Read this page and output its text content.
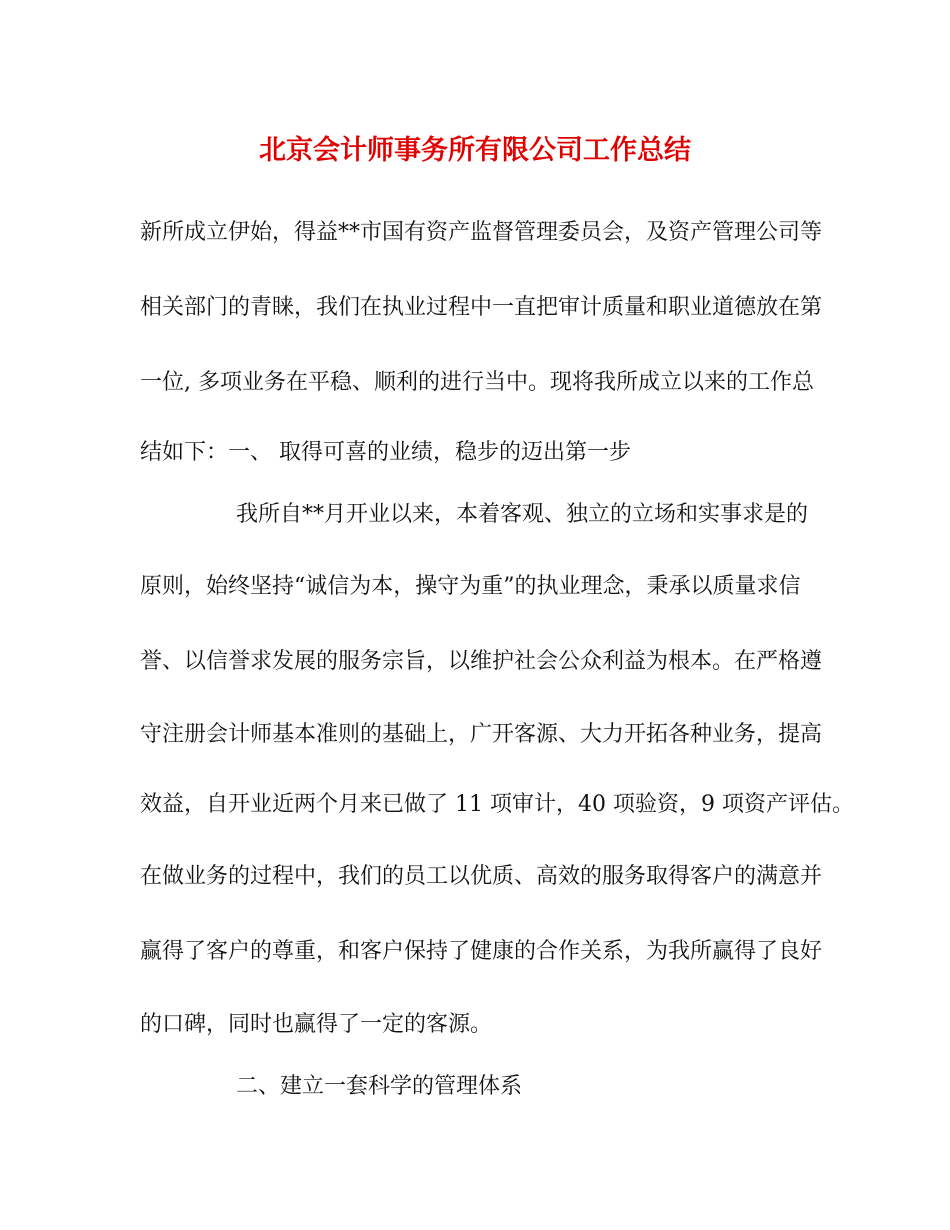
北京会计师事务所有限公司工作总结
新所成立伊始，得益**市国有资产监督管理委员会，及资产管理公司等
相关部门的青睐，我们在执业过程中一直把审计质量和职业道德放在第
一位, 多项业务在平稳、顺利的进行当中。现将我所成立以来的工作总
结如下：一、 取得可喜的业绩，稳步的迈出第一步
我所自**月开业以来，本着客观、独立的立场和实事求是的
原则，始终坚持“诚信为本，操守为重”的执业理念，秉承以质量求信
誉、以信誉求发展的服务宗旨，以维护社会公众利益为根本。在严格遵
守注册会计师基本准则的基础上，广开客源、大力开拓各种业务，提高
效益，自开业近两个月来已做了 11 项审计，40 项验资，9 项资产评估。
在做业务的过程中，我们的员工以优质、高效的服务取得客户的满意并
赢得了客户的尊重，和客户保持了健康的合作关系，为我所赢得了良好
的口碑，同时也赢得了一定的客源。
二、建立一套科学的管理体系
